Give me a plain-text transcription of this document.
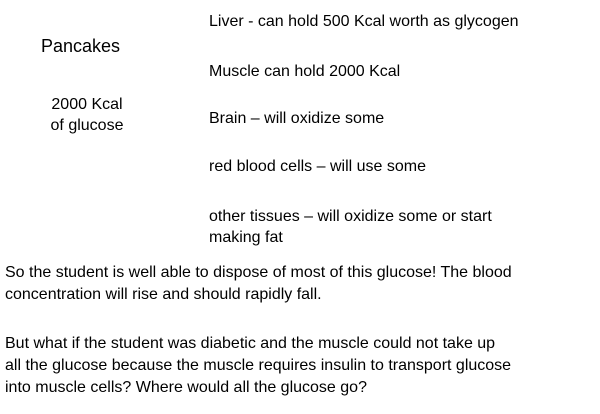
Pancakes

2000 Kcal
of glucose

Liver - can hold 500 Kcal worth as glycogen

Muscle can hold 2000 Kcal

Brain – will oxidize some

red blood cells – will use some

other tissues – will oxidize some or start

making fat

So the student is well able to dispose of most of this glucose! The blood

concentration will rise and should rapidly fall.

But what if the student was diabetic and the muscle could not take up

all the glucose because the muscle requires insulin to transport glucose

into muscle cells? Where would all the glucose go?
